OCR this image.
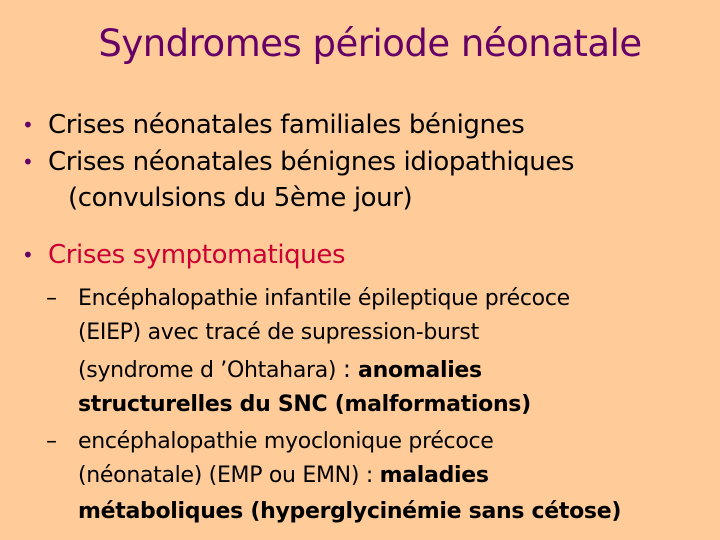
Syndromes période néonatale
• Crises néonatales familiales bénignes
• Crises néonatales bénignes idiopathiques
(convulsions du 5ème jour)
• Crises symptomatiques
– Encéphalopathie infantile épileptique précoce
(EIEP) avec tracé de supression-burst
(syndrome d ’Ohtahara) : anomalies
structurelles du SNC (malformations)
– encéphalopathie myoclonique précoce
(néonatale) (EMP ou EMN) : maladies
métaboliques (hyperglycinémie sans cétose)
